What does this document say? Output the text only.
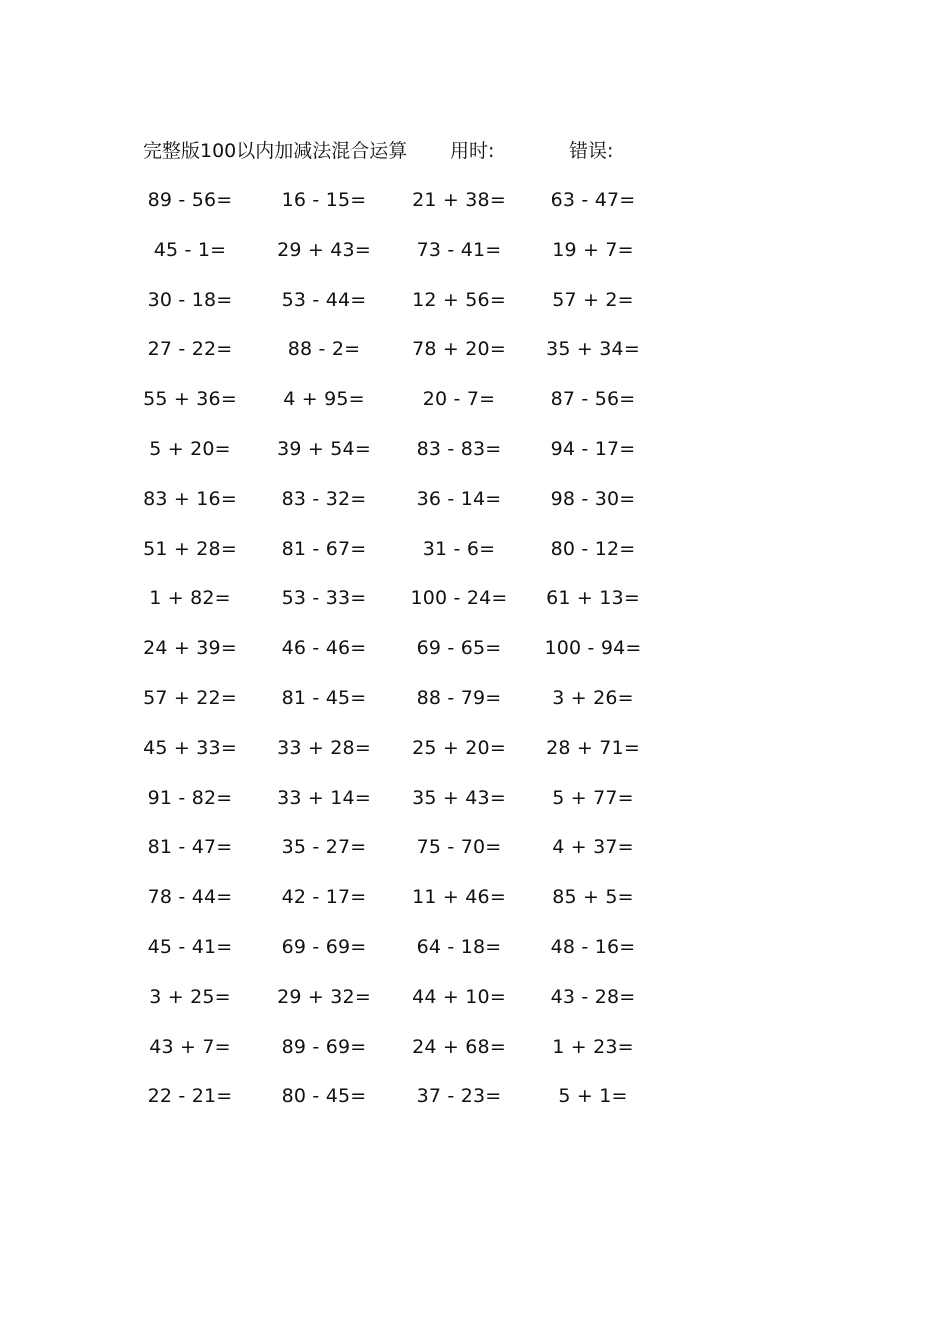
完整版100以内加减法混合运算 用时:	错误:
89 - 56=	16 - 15=	21 + 38=	63 - 47=
45 - 1=	29 + 43=	73 - 41=	19 + 7=
30 - 18=	53 - 44=	12 + 56=	57 + 2=
27 - 22=	88 - 2=	78 + 20=	35 + 34=
55 + 36=	4 + 95=	20 - 7=	87 - 56=
5 + 20=	39 + 54=	83 - 83=	94 - 17=
83 + 16=	83 - 32=	36 - 14=	98 - 30=
51 + 28=	81 - 67=	31 - 6=	80 - 12=
1 + 82=	53 - 33=	100 - 24=	61 + 13=
24 + 39=	46 - 46=	69 - 65=	100 - 94=
57 + 22=	81 - 45=	88 - 79=	3 + 26=
45 + 33=	33 + 28=	25 + 20=	28 + 71=
91 - 82=	33 + 14=	35 + 43=	5 + 77=
81 - 47=	35 - 27=	75 - 70=	4 + 37=
78 - 44=	42 - 17=	11 + 46=	85 + 5=
45 - 41=	69 - 69=	64 - 18=	48 - 16=
3 + 25=	29 + 32=	44 + 10=	43 - 28=
43 + 7=	89 - 69=	24 + 68=	1 + 23=
22 - 21=	80 - 45=	37 - 23=	5 + 1=
